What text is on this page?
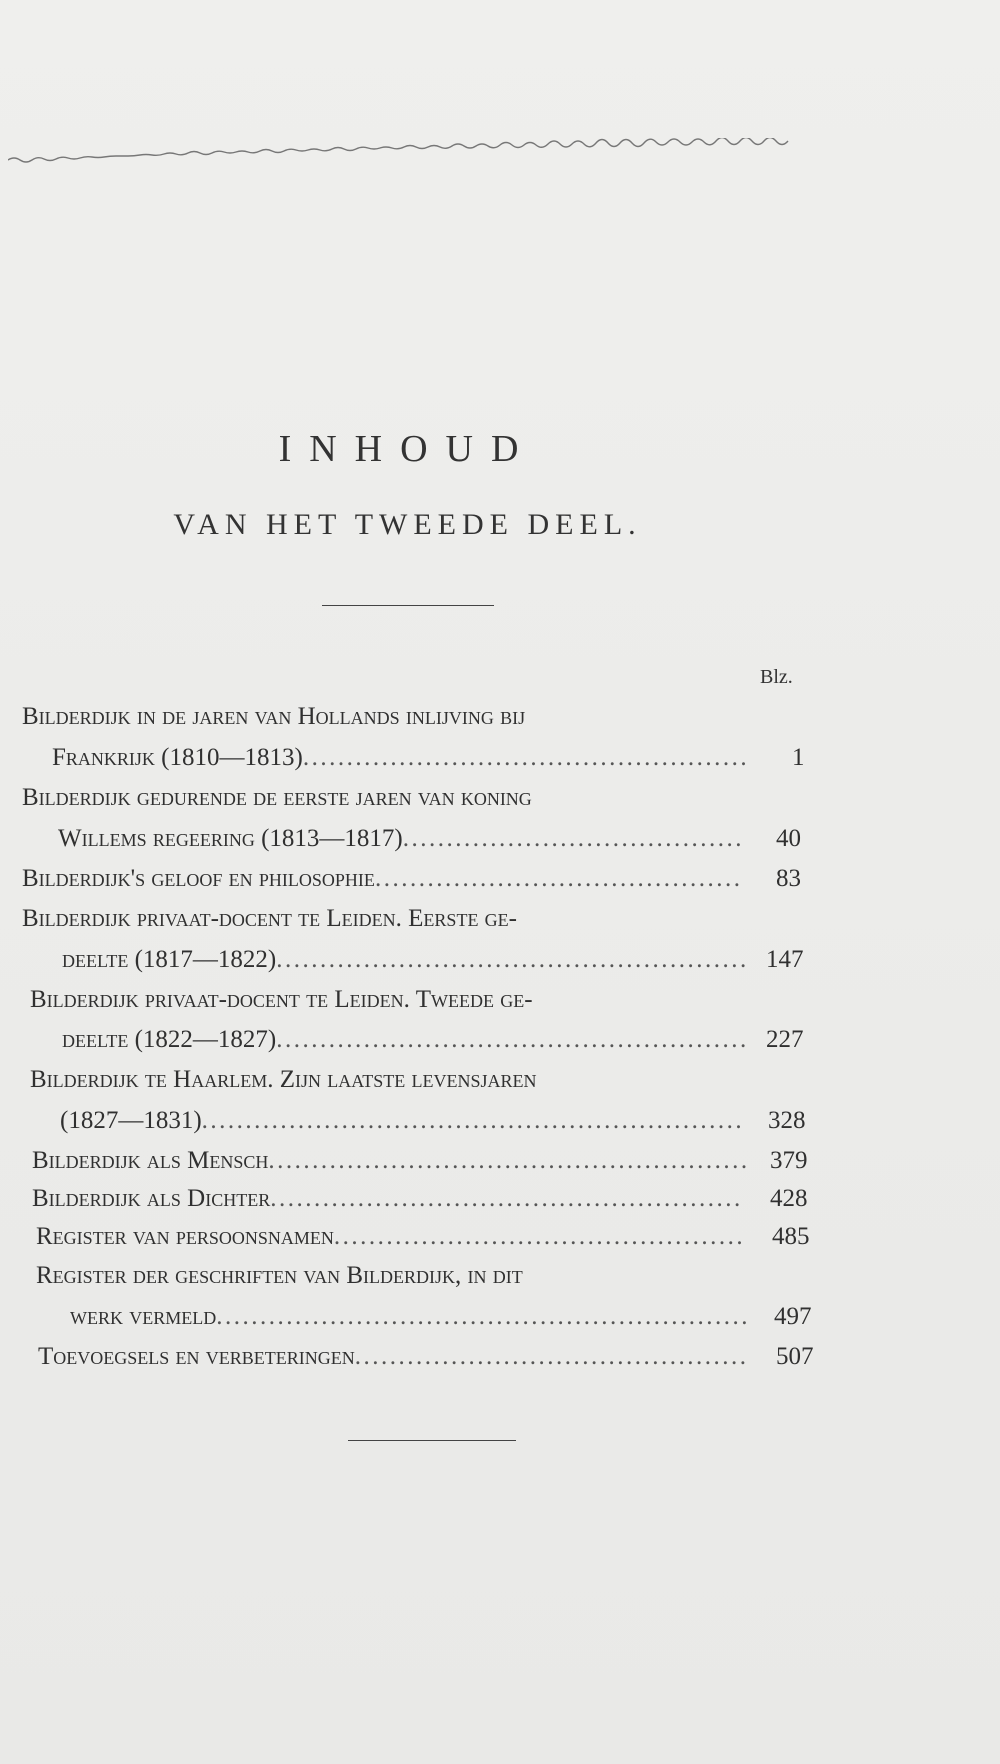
INHOUD
VAN HET TWEEDE DEEL.
Blz.
Bilderdijk in de jaren van Hollands inlijving bij
Frankrijk (1810—1813)................................................... 1
Bilderdijk gedurende de eerste jaren van koning
Willems regeering (1813—1817)....................................... 40
Bilderdijk's geloof en philosophie.......................................... 83
Bilderdijk privaat-docent te Leiden. Eerste ge-
deelte (1817—1822)...................................................... 147
Bilderdijk privaat-docent te Leiden. Tweede ge-
deelte (1822—1827)...................................................... 227
Bilderdijk te Haarlem. Zijn laatste levensjaren
(1827—1831).............................................................. 328
Bilderdijk als Mensch....................................................... 379
Bilderdijk als Dichter...................................................... 428
Register van persoonsnamen............................................... 485
Register der geschriften van Bilderdijk, in dit
werk vermeld............................................................. 497
Toevoegsels en verbeteringen............................................. 507
